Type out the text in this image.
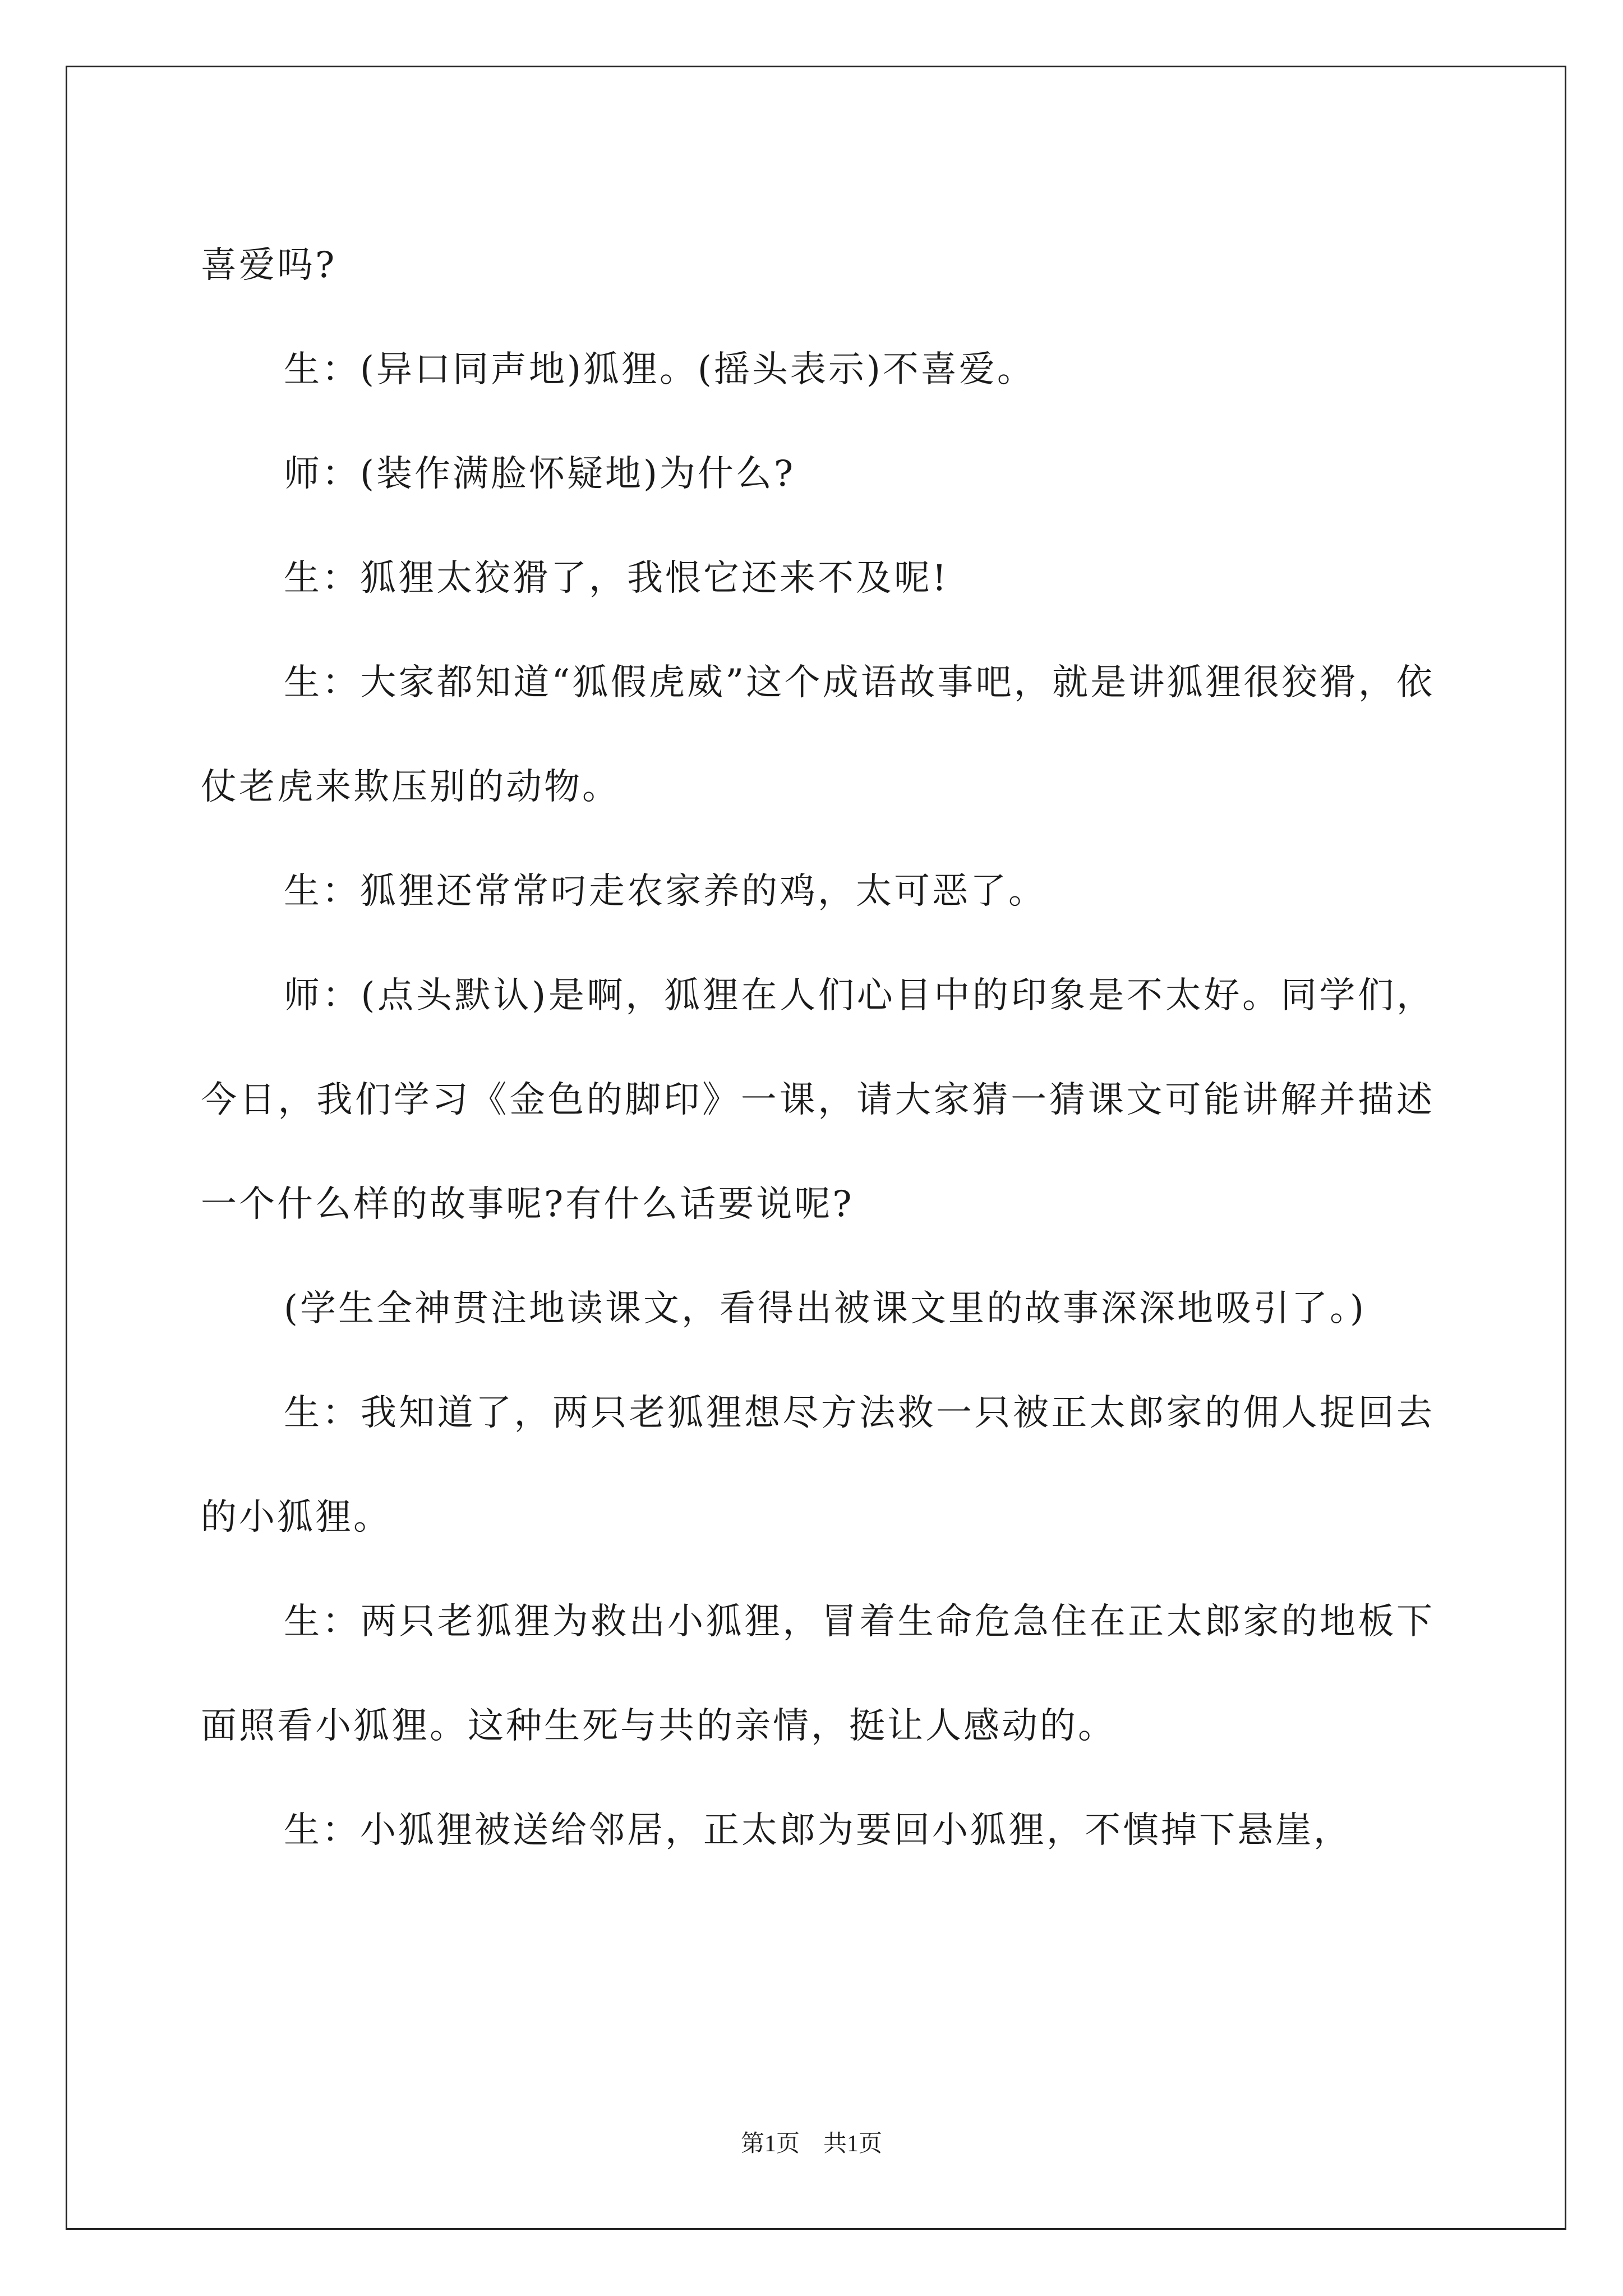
喜爱吗?

生：(异口同声地)狐狸。(摇头表示)不喜爱。

师：(装作满脸怀疑地)为什么?

生：狐狸太狡猾了，我恨它还来不及呢!

生：大家都知道“狐假虎威”这个成语故事吧，就是讲狐狸很狡猾，依仗老虎来欺压别的动物。

生：狐狸还常常叼走农家养的鸡，太可恶了。

师：(点头默认)是啊，狐狸在人们心目中的印象是不太好。同学们，今日，我们学习《金色的脚印》一课，请大家猜一猜课文可能讲解并描述一个什么样的故事呢?有什么话要说呢?

(学生全神贯注地读课文，看得出被课文里的故事深深地吸引了。)

生：我知道了，两只老狐狸想尽方法救一只被正太郎家的佣人捉回去的小狐狸。

生：两只老狐狸为救出小狐狸，冒着生命危急住在正太郎家的地板下面照看小狐狸。这种生死与共的亲情，挺让人感动的。

生：小狐狸被送给邻居，正太郎为要回小狐狸，不慎掉下悬崖，

第1页　共1页
